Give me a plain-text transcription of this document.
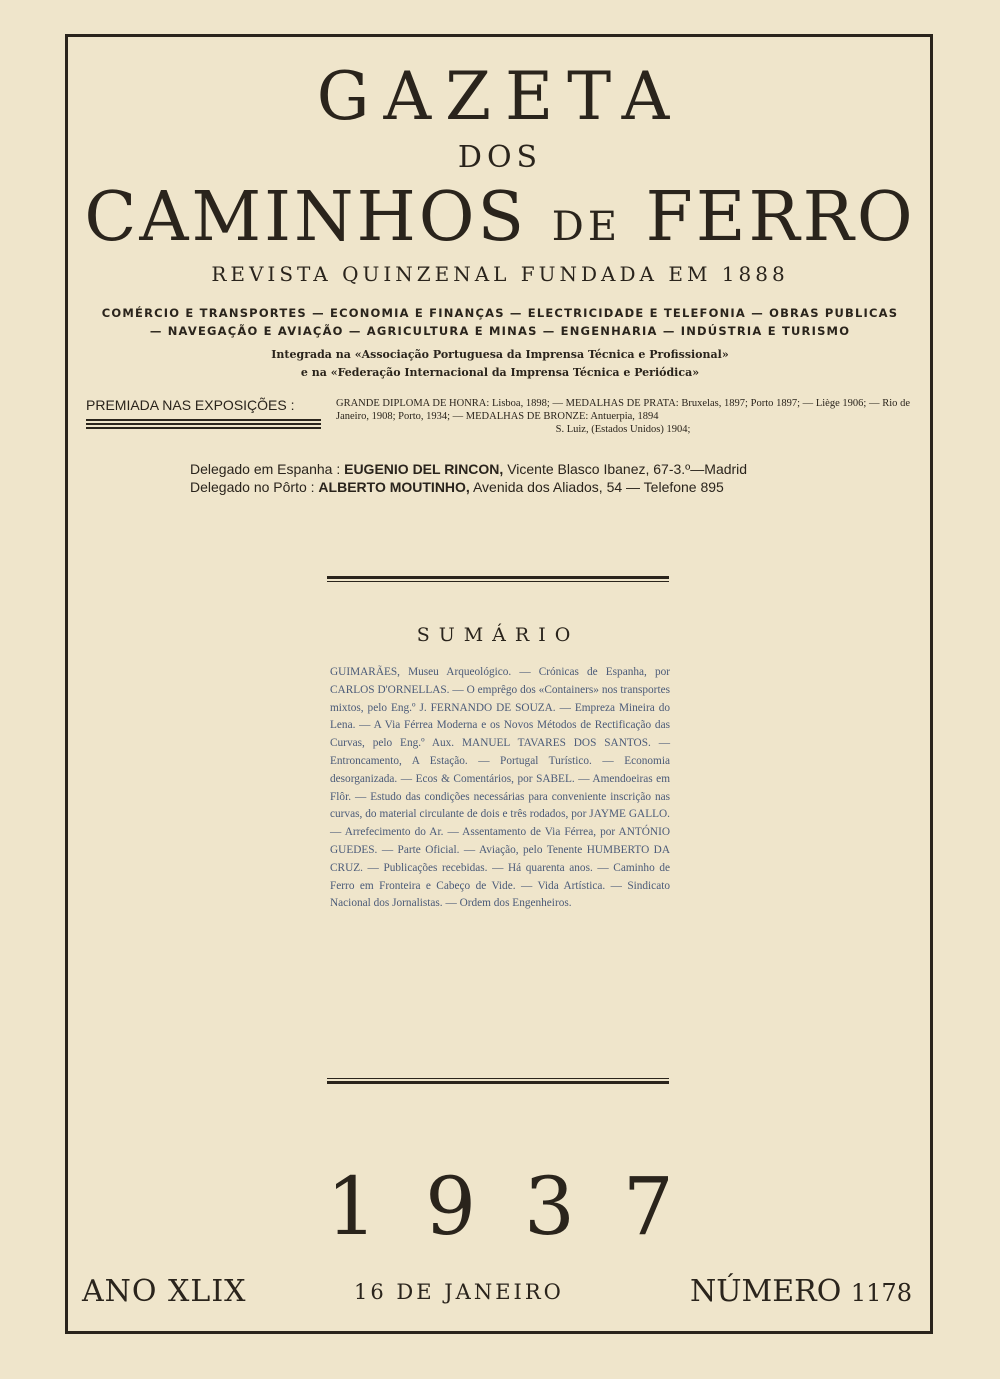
GAZETA
DOS
CAMINHOS DE FERRO
REVISTA QUINZENAL FUNDADA EM 1888
COMÉRCIO E TRANSPORTES — ECONOMIA E FINANÇAS — ELECTRICIDADE E TELEFONIA — OBRAS PUBLICAS
— NAVEGAÇÃO E AVIAÇÃO — AGRICULTURA E MINAS — ENGENHARIA — INDÚSTRIA E TURISMO
Integrada na «Associação Portuguesa da Imprensa Técnica e Profissional»
e na «Federação Internacional da Imprensa Técnica e Periódica»
PREMIADA NAS EXPOSIÇÕES :	GRANDE DIPLOMA DE HONRA: Lisboa, 1898; — MEDALHAS DE PRATA: Bruxelas, 1897; Porto 1897; — Liège 1906; — Rio de Janeiro, 1908; Porto, 1934; — MEDALHAS DE BRONZE: Antuerpia, 1894
S. Luiz, (Estados Unidos) 1904;
Delegado em Espanha : EUGENIO DEL RINCON, Vicente Blasco Ibanez, 67-3.º—Madrid
Delegado no Pôrto : ALBERTO MOUTINHO, Avenida dos Aliados, 54 — Telefone 895
SUMÁRIO
GUIMARÃES, Museu Arqueológico. — Crónicas de Espanha, por CARLOS D'ORNELLAS. — O emprêgo dos «Containers» nos transportes mixtos, pelo Eng.º J. FERNANDO DE SOUZA. — Empreza Mineira do Lena. — A Via Férrea Moderna e os Novos Métodos de Rectificação das Curvas, pelo Eng.º Aux. MANUEL TAVARES DOS SANTOS. — Entroncamento, A Estação. — Portugal Turístico. — Economia desorganizada. — Ecos & Comentários, por SABEL. — Amendoeiras em Flôr. — Estudo das condições necessárias para conveniente inscrição nas curvas, do material circulante de dois e três rodados, por JAYME GALLO. — Arrefecimento do Ar. — Assentamento de Via Férrea, por ANTÓNIO GUEDES. — Parte Oficial. — Aviação, pelo Tenente HUMBERTO DA CRUZ. — Publicações recebidas. — Há quarenta anos. — Caminho de Ferro em Fronteira e Cabeço de Vide. — Vida Artística. — Sindicato Nacional dos Jornalistas. — Ordem dos Engenheiros.
1937
ANO XLIX	16 DE JANEIRO	NÚMERO 1178
